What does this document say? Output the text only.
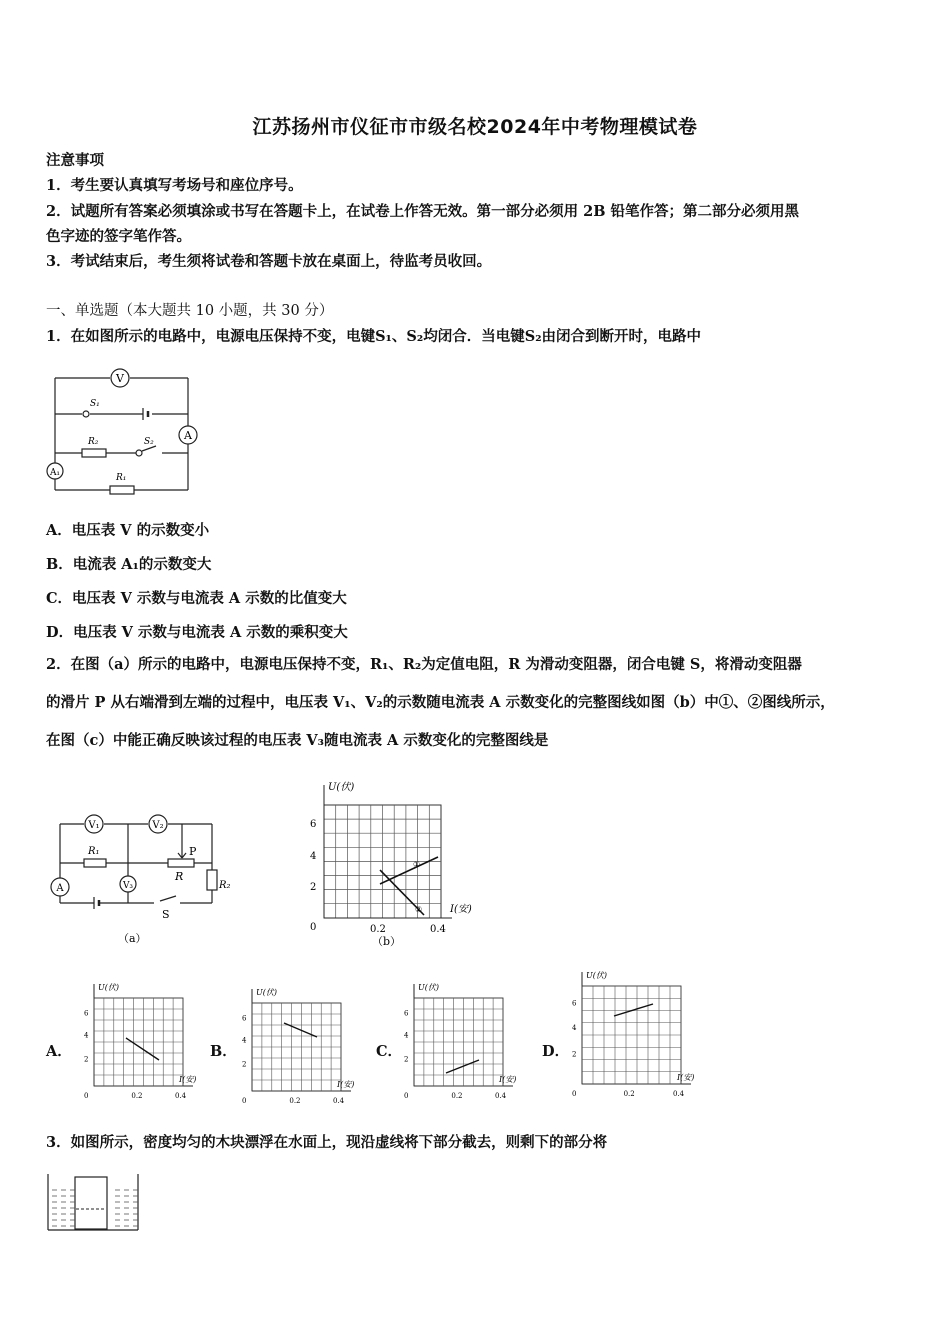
江苏扬州市仪征市市级名校2024年中考物理模试卷
注意事项
1．考生要认真填写考场号和座位序号。
2．试题所有答案必须填涂或书写在答题卡上，在试卷上作答无效。第一部分必须用 2B 铅笔作答；第二部分必须用黑
色字迹的签字笔作答。
3．考试结束后，考生须将试卷和答题卡放在桌面上，待监考员收回。
一、单选题（本大题共 10 小题，共 30 分）
1．在如图所示的电路中，电源电压保持不变，电键S₁、S₂均闭合．当电键S₂由闭合到断开时，电路中
V
A
A₁
S₁
R₂	S₂
R₁
A．电压表 V 的示数变小
B．电流表 A₁的示数变大
C．电压表 V 示数与电流表 A 示数的比值变大
D．电压表 V 示数与电流表 A 示数的乘积变大
2．在图（a）所示的电路中，电源电压保持不变，R₁、R₂为定值电阻，R 为滑动变阻器，闭合电键 S，将滑动变阻器
的滑片 P 从右端滑到左端的过程中，电压表 V₁、V₂的示数随电流表 A 示数变化的完整图线如图（b）中①、②图线所示，
在图（c）中能正确反映该过程的电压表 V₃随电流表 A 示数变化的完整图线是
V₁	V₂
V₃
A
R₁
R
P
R₂
S
（a）
U(伏)
I(安)
6
4
2
0	0.2	0.4
①
②
（b）
A．	B．	C．	D．
U(伏)
I(安)
6
4
2
0	0.2	0.4
U(伏)
I(安)
6
4
2
0	0.2	0.4
U(伏)
I(安)
6
4
2
0	0.2	0.4
U(伏)
I(安)
6
4
2
0	0.2	0.4
3．如图所示，密度均匀的木块漂浮在水面上，现沿虚线将下部分截去，则剩下的部分将
